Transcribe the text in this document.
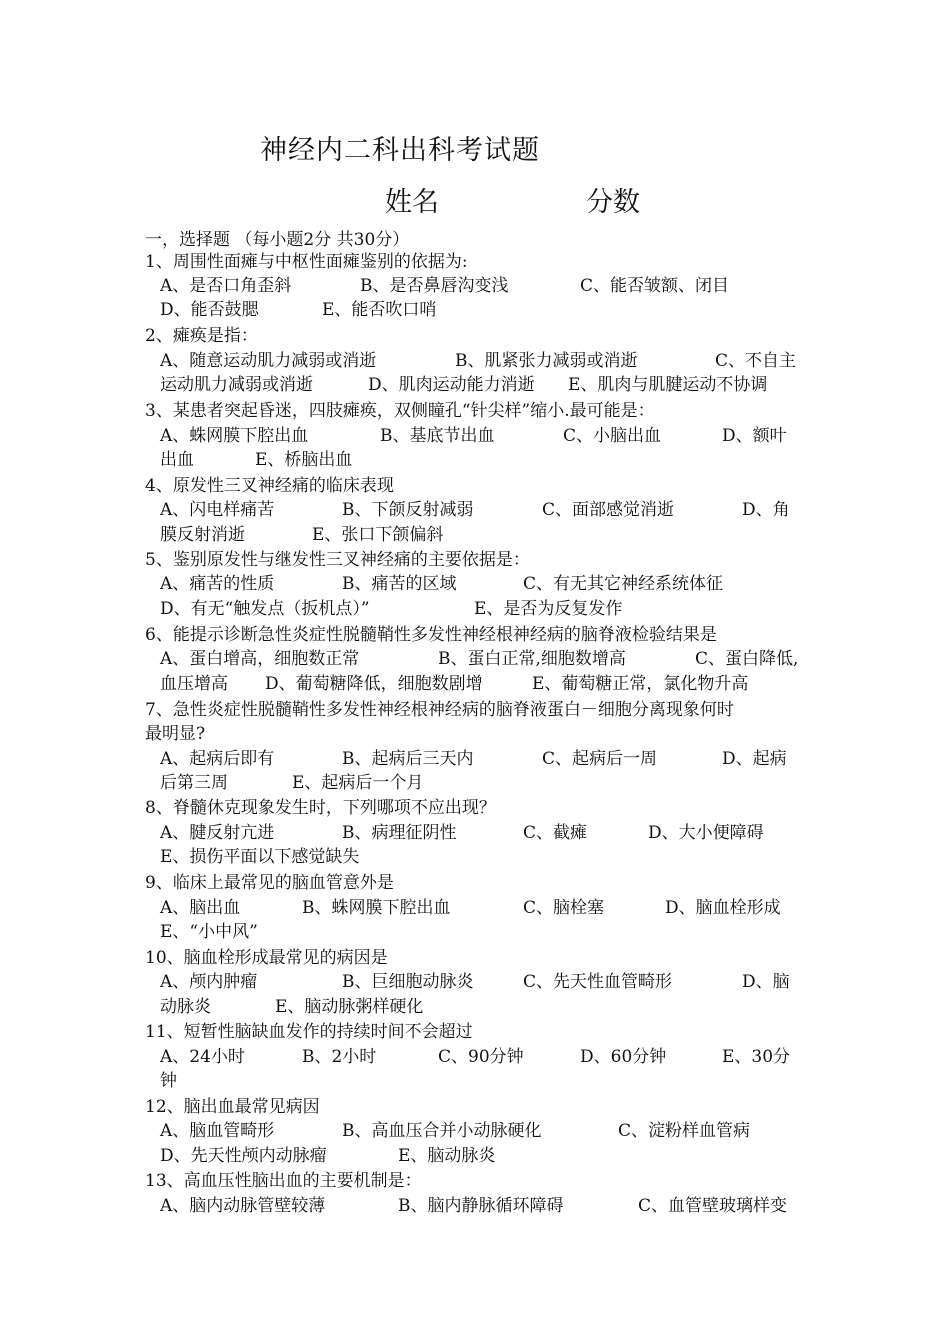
神经内二科出科考试题
姓名	分数
一，选择题 （每小题2分 共30分）
1、周围性面瘫与中枢性面瘫鉴别的依据为:
A、是否口角歪斜	B、是否鼻唇沟变浅	C、能否皱额、闭目
D、能否鼓腮	E、能否吹口哨
2、瘫痪是指：
A、随意运动肌力减弱或消逝	B、肌紧张力减弱或消逝	C、不自主
运动肌力减弱或消逝	D、肌肉运动能力消逝 E、肌肉与肌腱运动不协调
3、某患者突起昏迷，四肢瘫痪，双侧瞳孔“针尖样”缩小.最可能是：
A、蛛网膜下腔出血	B、基底节出血	C、小脑出血	D、额叶
出血	E、桥脑出血
4、原发性三叉神经痛的临床表现
A、闪电样痛苦	B、下颌反射减弱	C、面部感觉消逝	D、角
膜反射消逝	E、张口下颌偏斜
5、鉴别原发性与继发性三叉神经痛的主要依据是：
A、痛苦的性质	B、痛苦的区域	C、有无其它神经系统体征
D、有无“触发点（扳机点）”	E、是否为反复发作
6、能提示诊断急性炎症性脱髓鞘性多发性神经根神经病的脑脊液检验结果是
A、蛋白增高，细胞数正常	B、蛋白正常,细胞数增高	C、蛋白降低,
血压增高 D、葡萄糖降低，细胞数剧增	E、葡萄糖正常，氯化物升高
7、急性炎症性脱髓鞘性多发性神经根神经病的脑脊液蛋白－细胞分离现象何时
最明显?
A、起病后即有	B、起病后三天内	C、起病后一周	D、起病
后第三周	E、起病后一个月
8、脊髓休克现象发生时，下列哪项不应出现？
A、腱反射亢进	B、病理征阴性	C、截瘫	D、大小便障碍
E、损伤平面以下感觉缺失
9、临床上最常见的脑血管意外是
A、脑出血	B、蛛网膜下腔出血	C、脑栓塞	D、脑血栓形成
E、“小中风”
10、脑血栓形成最常见的病因是
A、颅内肿瘤	B、巨细胞动脉炎	C、先天性血管畸形	D、脑
动脉炎	E、脑动脉粥样硬化
11、短暂性脑缺血发作的持续时间不会超过
A、24小时	B、2小时	C、90分钟	D、60分钟	E、30分
钟
12、脑出血最常见病因
A、脑血管畸形	B、高血压合并小动脉硬化	C、淀粉样血管病
D、先天性颅内动脉瘤	E、脑动脉炎
13、高血压性脑出血的主要机制是：
A、脑内动脉管壁较薄	B、脑内静脉循环障碍	C、血管壁玻璃样变
